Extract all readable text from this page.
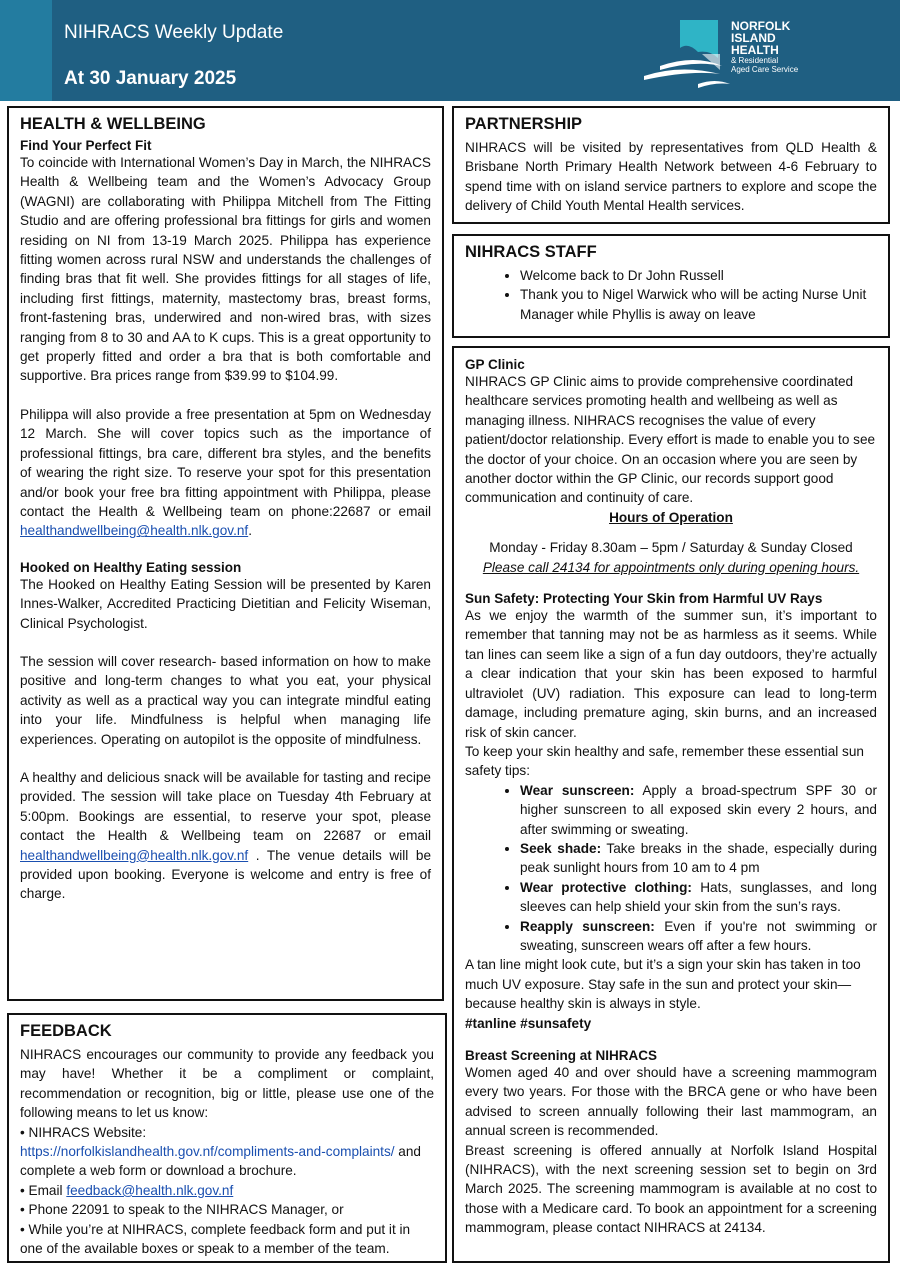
NIHRACS Weekly Update
At 30 January 2025
NORFOLK
ISLAND
HEALTH
& Residential
Aged Care Service
HEALTH & WELLBEING
Find Your Perfect Fit

To coincide with International Women’s Day in March, the NIHRACS Health & Wellbeing team and the Women’s Advocacy Group (WAGNI) are collaborating with Philippa Mitchell from The Fitting Studio and are offering professional bra fittings for girls and women residing on NI from 13-19 March 2025. Philippa has experience fitting women across rural NSW and understands the challenges of finding bras that fit well. She provides fittings for all stages of life, including first fittings, maternity, mastectomy bras, breast forms, front-fastening bras, underwired and non-wired bras, with sizes ranging from 8 to 30 and AA to K cups. This is a great opportunity to get properly fitted and order a bra that is both comfortable and supportive. Bra prices range from $39.99 to $104.99.

Philippa will also provide a free presentation at 5pm on Wednesday 12 March. She will cover topics such as the importance of professional fittings, bra care, different bra styles, and the benefits of wearing the right size. To reserve your spot for this presentation and/or book your free bra fitting appointment with Philippa, please contact the Health & Wellbeing team on phone:22687 or email healthandwellbeing@health.nlk.gov.nf.

Hooked on Healthy Eating session

The Hooked on Healthy Eating Session will be presented by Karen Innes-Walker, Accredited Practicing Dietitian and Felicity Wiseman, Clinical Psychologist.

The session will cover research- based information on how to make positive and long-term changes to what you eat, your physical activity as well as a practical way you can integrate mindful eating into your life. Mindfulness is helpful when managing life experiences. Operating on autopilot is the opposite of mindfulness.

A healthy and delicious snack will be available for tasting and recipe provided. The session will take place on Tuesday 4th February at 5:00pm. Bookings are essential, to reserve your spot, please contact the Health & Wellbeing team on 22687 or email healthandwellbeing@health.nlk.gov.nf . The venue details will be provided upon booking. Everyone is welcome and entry is free of charge.

FEEDBACK

NIHRACS encourages our community to provide any feedback you may have! Whether it be a compliment or complaint, recommendation or recognition, big or little, please use one of the following means to let us know:

• NIHRACS Website:
https://norfolkislandhealth.gov.nf/compliments-and-complaints/ and complete a web form or download a brochure.

• Email feedback@health.nlk.gov.nf

• Phone 22091 to speak to the NIHRACS Manager, or

• While you’re at NIHRACS, complete feedback form and put it in one of the available boxes or speak to a member of the team.

PARTNERSHIP

NIHRACS will be visited by representatives from QLD Health & Brisbane North Primary Health Network between 4-6 February to spend time with on island service partners to explore and scope the delivery of Child Youth Mental Health services.

NIHRACS STAFF
• Welcome back to Dr John Russell
• Thank you to Nigel Warwick who will be acting Nurse Unit Manager while Phyllis is away on leave
GP Clinic

NIHRACS GP Clinic aims to provide comprehensive coordinated healthcare services promoting health and wellbeing as well as managing illness. NIHRACS recognises the value of every patient/doctor relationship. Every effort is made to enable you to see the doctor of your choice. On an occasion where you are seen by another doctor within the GP Clinic, our records support good communication and continuity of care.

Hours of Operation

Monday - Friday 8.30am – 5pm / Saturday & Sunday Closed

Please call 24134 for appointments only during opening hours.

Sun Safety: Protecting Your Skin from Harmful UV Rays

As we enjoy the warmth of the summer sun, it’s important to remember that tanning may not be as harmless as it seems. While tan lines can seem like a sign of a fun day outdoors, they’re actually a clear indication that your skin has been exposed to harmful ultraviolet (UV) radiation. This exposure can lead to long-term damage, including premature aging, skin burns, and an increased risk of skin cancer.

To keep your skin healthy and safe, remember these essential sun safety tips:

• Wear sunscreen: Apply a broad-spectrum SPF 30 or higher sunscreen to all exposed skin every 2 hours, and after swimming or sweating.
• Seek shade: Take breaks in the shade, especially during peak sunlight hours from 10 am to 4 pm
• Wear protective clothing: Hats, sunglasses, and long sleeves can help shield your skin from the sun’s rays.
• Reapply sunscreen: Even if you're not swimming or sweating, sunscreen wears off after a few hours.

A tan line might look cute, but it’s a sign your skin has taken in too much UV exposure. Stay safe in the sun and protect your skin—because healthy skin is always in style.

#tanline #sunsafety

Breast Screening at NIHRACS

Women aged 40 and over should have a screening mammogram every two years. For those with the BRCA gene or who have been advised to screen annually following their last mammogram, an annual screen is recommended.

Breast screening is offered annually at Norfolk Island Hospital (NIHRACS), with the next screening session set to begin on 3rd March 2025. The screening mammogram is available at no cost to those with a Medicare card. To book an appointment for a screening mammogram, please contact NIHRACS at 24134.
